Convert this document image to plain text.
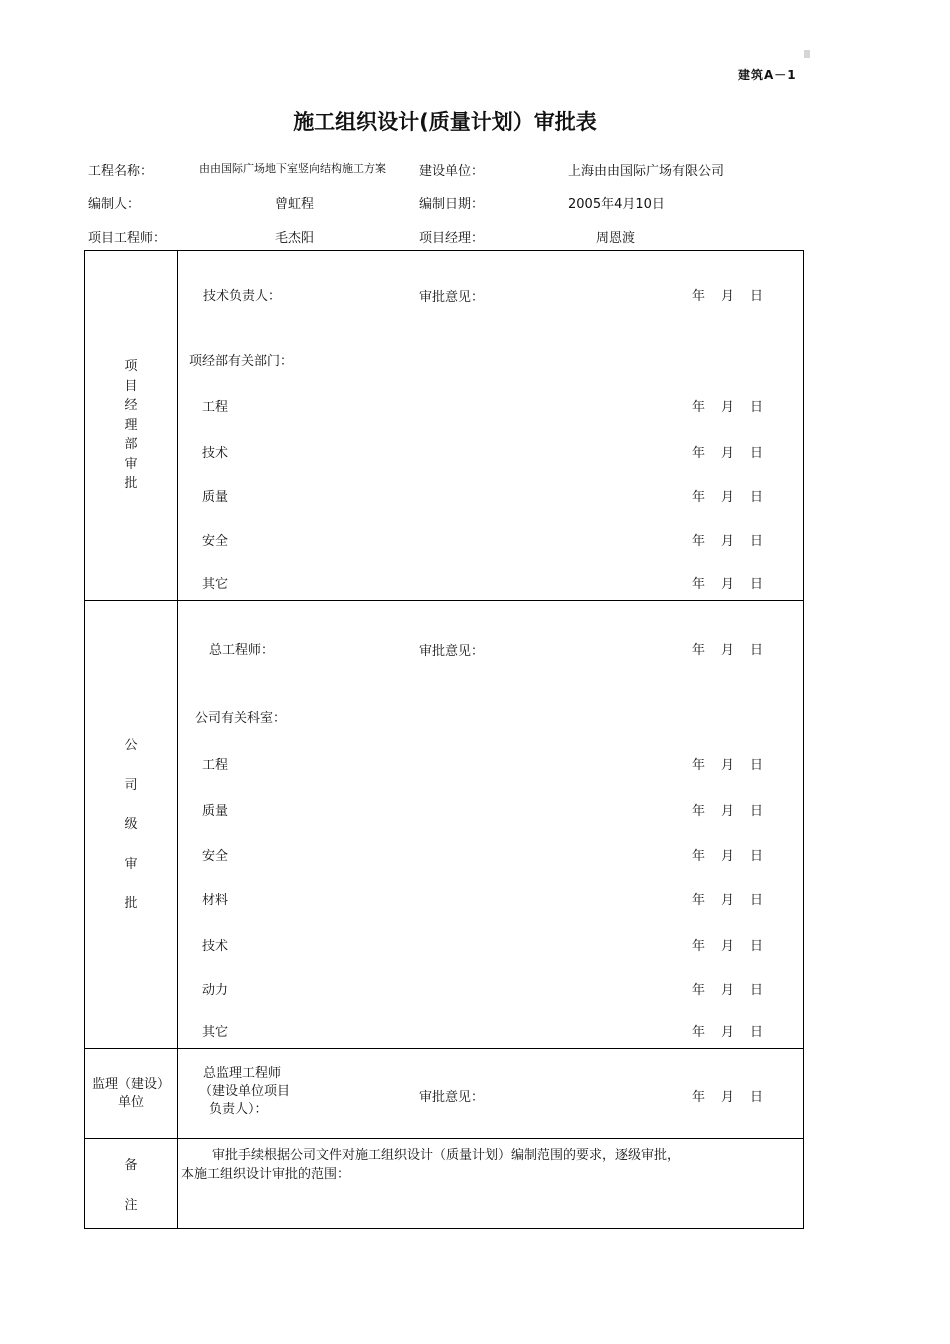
建筑A－1
施工组织设计(质量计划）审批表
工程名称：	由由国际广场地下室竖向结构施工方案	建设单位：	上海由由国际广场有限公司
编制人：	曾虹程	编制日期：	2005年4月10日
项目工程师：	毛杰阳	项目经理：	周恩渡
项
目
经
理
部
审
批
技术负责人：	审批意见：	年 月 日
项经部有关部门：
工程	年 月 日
技术	年 月 日
质量	年 月 日
安全	年 月 日
其它	年 月 日
公
司
级
审
批
总工程师：	审批意见：	年 月 日
公司有关科室：
工程	年 月 日
质量	年 月 日
安全	年 月 日
材料	年 月 日
技术	年 月 日
动力	年 月 日
其它	年 月 日
监理（建设）
单位
总监理工程师
（建设单位项目
负责人）：
审批意见：	年 月 日
备
注
审批手续根据公司文件对施工组织设计（质量计划）编制范围的要求，逐级审批，
本施工组织设计审批的范围：
